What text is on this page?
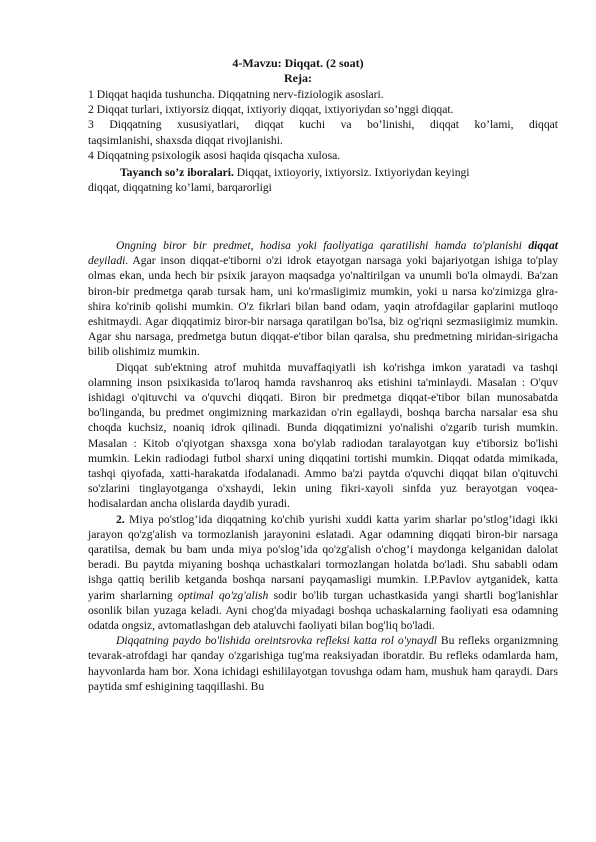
4-Mavzu: Diqqat. (2 soat)
Reja:
1 Diqqat haqida tushuncha. Diqqatning nerv-fiziologik asoslari.
2 Diqqat turlari, ixtiyorsiz diqqat, ixtiyoriy diqqat, ixtiyoriydan so’nggi diqqat.
3 Diqqatning xususiyatlari, diqqat kuchi va bo’linishi, diqqat ko’lami, diqqat
taqsimlanishi, shaxsda diqqat rivojlanishi.
4 Diqqatning psixologik asosi haqida qisqacha xulosa.
Tayanch so’z iboralari. Diqqat, ixtioyoriy, ixtiyorsiz. Ixtiyoriydan keyingi
diqqat, diqqatning ko’lami, barqarorligi

Ongning biror bir predmet, hodisa yoki faoliyatiga qaratilishi hamda to'planishi diqqat deyiladi. Agar inson diqqat-e'tiborni o'zi idrok etayotgan narsaga yoki bajariyotgan ishiga to'play olmas ekan, unda hech bir psixik jarayon maqsadga yo'naltirilgan va unumli bo'la olmaydi. Ba'zan biron-bir predmetga qarab tursak ham, uni ko'rmasligimiz mumkin, yoki u narsa ko'zimizga glra-shira ko'rinib qolishi mumkin. O'z fikrlari bilan band odam, yaqin atrofdagilar gaplarini mutloqo eshitmaydi. Agar diqqatimiz biror-bir narsaga qaratilgan bo'lsa, biz og'riqni sezmasiigimiz mumkin. Agar shu narsaga, predmetga butun diqqat-e'tibor bilan qaralsa, shu predmetning miridan-sirigacha bilib olishimiz mumkin.

Diqqat sub'ektning atrof muhitda muvaffaqiyatli ish ko'rishga imkon yaratadi va tashqi olamning inson psixikasida to'laroq hamda ravshanroq aks etishini ta'minlaydi. Masalan : O'quv ishidagi o'qituvchi va o'quvchi diqqati. Biron bir predmetga diqqat-e'tibor bilan munosabatda bo'linganda, bu predmet ongimizning markazidan o'rin egallaydi, boshqa barcha narsalar esa shu choqda kuchsiz, noaniq idrok qilinadi. Bunda diqqatimizni yo'nalishi o'zgarib turish mumkin. Masalan : Kitob o'qiyotgan shaxsga xona bo'ylab radiodan taralayotgan kuy e'tiborsiz bo'lishi mumkin. Lekin radiodagi futbol sharxi uning diqqatini tortishi mumkin. Diqqat odatda mimikada, tashqi qiyofada, xatti-harakatda ifodalanadi. Ammo ba'zi paytda o'quvchi diqqat bilan o'qituvchi so'zlarini tinglayotganga o'xshaydi, lekin uning fikri-xayoli sinfda yuz berayotgan voqea-hodisalardan ancha olislarda daydib yuradi.

2. Miya po'stlog’ida diqqatning ko'chib yurishi xuddi katta yarim sharlar po’stlog’idagi ikki jarayon qo'zg'alish va tormozlanish jarayonini eslatadi. Agar odamning diqqati biron-bir narsaga qaratilsa, demak bu bam unda miya po'slog’ida qo'zg'alish o'chog’i maydonga kelganidan dalolat beradi. Bu paytda miyaning boshqa uchastkalari tormozlangan holatda bo'ladi. Shu sababli odam ishga qattiq berilib ketganda boshqa narsani payqamasligi mumkin. I.P.Pavlov aytganidek, katta yarim sharlarning optimal qo'zg'alish sodir bo'lib turgan uchastkasida yangi shartli bog'lanishlar osonlik bilan yuzaga keladi. Ayni chog'da miyadagi boshqa uchaskalarning faoliyati esa odamning odatda ongsiz, avtomatlashgan deb ataluvchi faoliyati bilan bog'liq bo'ladi.

Diqqatning paydo bo'lishida oreintsrovka refleksi katta rol o'ynaydl Bu refleks organizmning tevarak-atrofdagi har qanday o'zgarishiga tug'ma reaksiyadan iboratdir. Bu refleks odamlarda ham, hayvonlarda ham bor. Xona ichidagi eshililayotgan tovushga odam ham, mushuk ham qaraydi. Dars paytida smf eshigining taqqillashi. Bu
